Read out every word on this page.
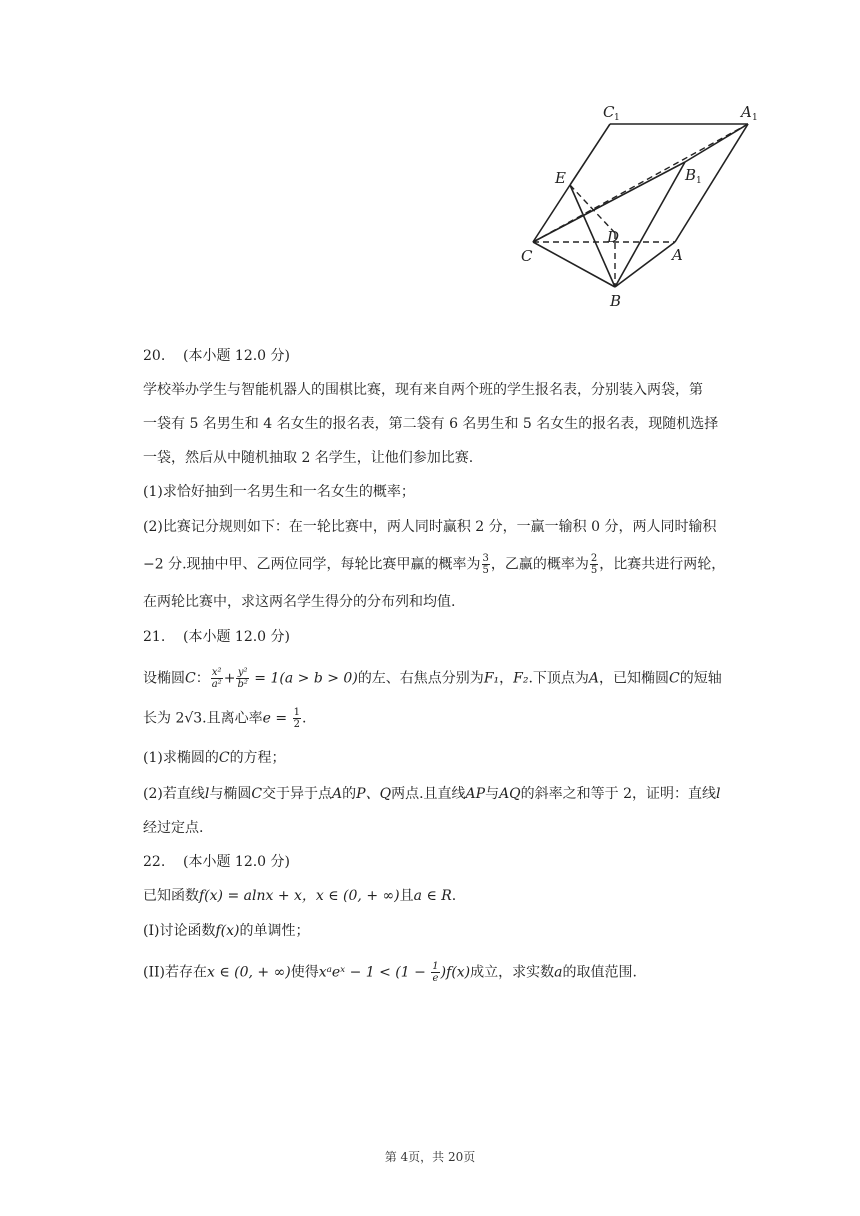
C 1	A 1
B 1
E
D
C	A
B
20. (本小题 12.0 分)
学校举办学生与智能机器人的围棋比赛，现有来自两个班的学生报名表，分别装入两袋，第
一袋有 5 名男生和 4 名女生的报名表，第二袋有 6 名男生和 5 名女生的报名表，现随机选择
一袋，然后从中随机抽取 2 名学生，让他们参加比赛.
(1)求恰好抽到一名男生和一名女生的概率；
(2)比赛记分规则如下：在一轮比赛中，两人同时赢积 2 分，一赢一输积 0 分，两人同时输积
−2 分.现抽中甲、乙两位同学，每轮比赛甲赢的概率为 $\frac{3}{5}$ ，乙赢的概率为 $\frac{2}{5}$ ，比赛共进行两轮，
在两轮比赛中，求这两名学生得分的分布列和均值.
21. (本小题 12.0 分)
设椭圆C： $\frac{\text{x²}}{\text{a²}} + \frac{\text{y²}}{\text{b²}} = 1(a > b > 0)$的左、右焦点分别为F₁，F₂.下顶点为A，已知椭圆C的短轴
长为 2√3.且离心率$e = \frac{1}{2}$ .
(1)求椭圆的C的方程；
(2)若直线l与椭圆C交于异于点A的P、Q两点.且直线AP与AQ的斜率之和等于 2，证明：直线l
经过定点.
22. (本小题 12.0 分)
已知函数f(x) = alnx + x，x ∈ (0, + ∞)且a ∈ R.
(I)讨论函数f(x)的单调性；
(II)若存在x ∈ (0, + ∞)使得xᵃeˣ − $1 < (1 - \frac{1}{e} )f(x)$成立，求实数a的取值范围.
第 4页，共 20页
